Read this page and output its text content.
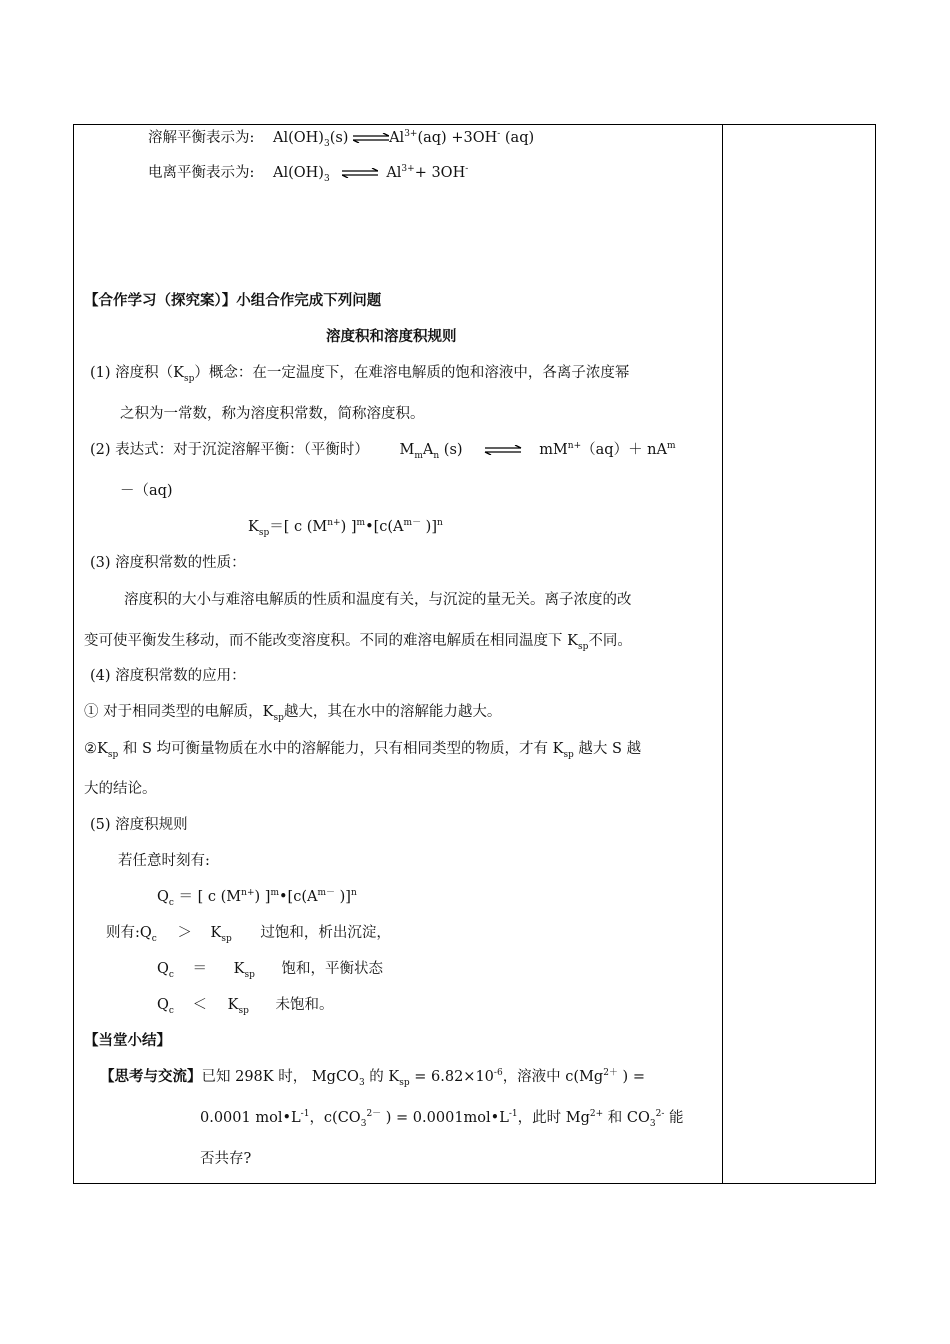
溶解平衡表示为: $Al(OH)_3(s)$ $\rightleftharpoons Al^{3+}(aq) +3OH^-$ (aq)
电离平衡表示为: $Al(OH)_3$ ⇌ $Al^{3+}+ 3OH^-$
【合作学习（探究案）】小组合作完成下列问题
溶度积和溶度积规则
(1) 溶度积$(K_{sp})$概念：在一定温度下，在难溶电解质的饱和溶液中，各离子浓度幂
之积为一常数，称为溶度积常数，简称溶度积。
(2) 表达式：对于沉淀溶解平衡：（平衡时） $M_mA_n$ (s) ⇌ $mM^{n+}(aq)+ nA^m$
－（aq)
$K_{sp}=$[ c $(M^{n+})$ ]$^m•[c(A^{m-}$ )]$^n$
(3) 溶度积常数的性质：
溶度积的大小与难溶电解质的性质和温度有关，与沉淀的量无关。离子浓度的改
变可使平衡发生移动，而不能改变溶度积。不同的难溶电解质在相同温度下 $K_{sp}$不同。
(4) 溶度积常数的应用：
① 对于相同类型的电解质，$K_{sp}$越大，其在水中的溶解能力越大。
$②K_{sp}$ 和 S 均可衡量物质在水中的溶解能力，只有相同类型的物质，才有 $K_{sp}$ 越大 S 越
大的结论。
(5) 溶度积规则
若任意时刻有:
$Q_c$ ＝ [ c $(M^{n+})$ ]$^m•[c(A^{m-}$ )]$^n$
则有$:Q_c > K_{sp}$ 过饱和，析出沉淀，
$Q_c = K_{sp}$ 饱和，平衡状态
$Q_c < K_{sp}$ 未饱和。
【当堂小结】
【思考与交流】已知 298K 时， MgCO$_3$ 的 $K_{sp} = 6.82\times 10^{-6}$，溶液中 $c(Mg^{2+}$ ) =
0.0001 $mol•L^{-1}$，$c(CO_3^{2-}$ ) = $0.0001mol•L^{-1}$，此时 $Mg^{2+}$ 和 $CO_3^{2-}$ 能
否共存?
